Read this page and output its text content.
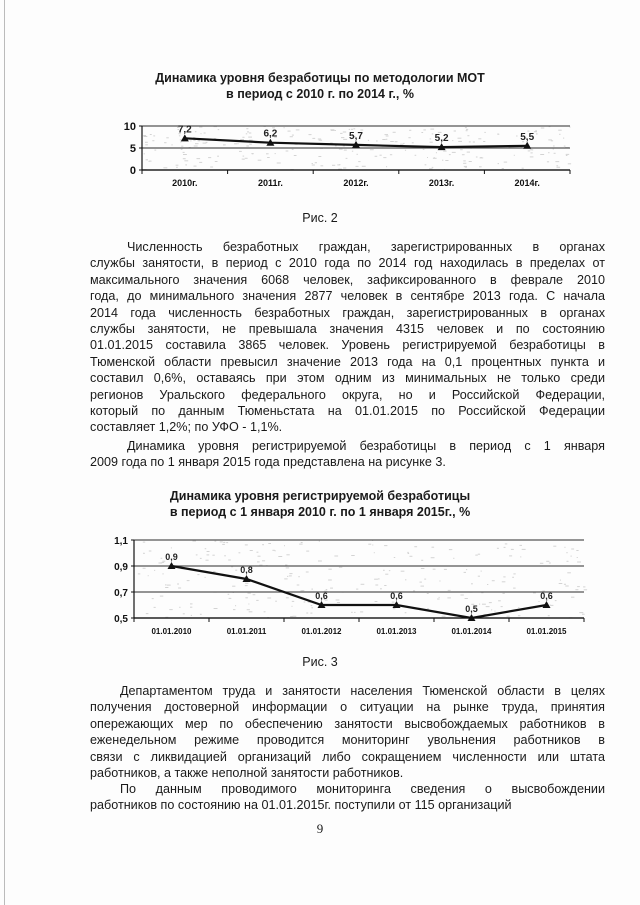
Динамика уровня безработицы по методологии МОТ
в период с 2010 г. по 2014 г., %
0
5
10
2010г.	2011г.	2012г.	2013г.	2014г.
7,2	6,2	5,7	5,2	5,5
Рис. 2
Численность безработных граждан, зарегистрированных в органах
службы занятости, в период с 2010 года по 2014 год находилась в пределах от
максимального значения 6068 человек, зафиксированного в феврале 2010
года, до минимального значения 2877 человек в сентябре 2013 года. С начала
2014 года численность безработных граждан, зарегистрированных в органах
службы занятости, не превышала значения 4315 человек и по состоянию
01.01.2015 составила 3865 человек. Уровень регистрируемой безработицы в
Тюменской области превысил значение 2013 года на 0,1 процентных пункта и
составил 0,6%, оставаясь при этом одним из минимальных не только среди
регионов Уральского федерального округа, но и Российской Федерации,
который по данным Тюменьстата на 01.01.2015 по Российской Федерации
составляет 1,2%; по УФО - 1,1%.
Динамика уровня регистрируемой безработицы в период с 1 января
2009 года по 1 января 2015 года представлена на рисунке 3.
Динамика уровня регистрируемой безработицы
в период с 1 января 2010 г. по 1 января 2015г., %
0,5
0,7
0,9
1,1
01.01.2010	01.01.2011	01.01.2012	01.01.2013	01.01.2014	01.01.2015
0,9
0,8
0,6	0,6
0,5
0,6
Рис. 3
Департаментом труда и занятости населения Тюменской области в целях
получения достоверной информации о ситуации на рынке труда, принятия
опережающих мер по обеспечению занятости высвобождаемых работников в
еженедельном режиме проводится мониторинг увольнения работников в
связи с ликвидацией организаций либо сокращением численности или штата
работников, а также неполной занятости работников.
По данным проводимого мониторинга сведения о высвобождении
работников по состоянию на 01.01.2015г. поступили от 115 организаций
9
